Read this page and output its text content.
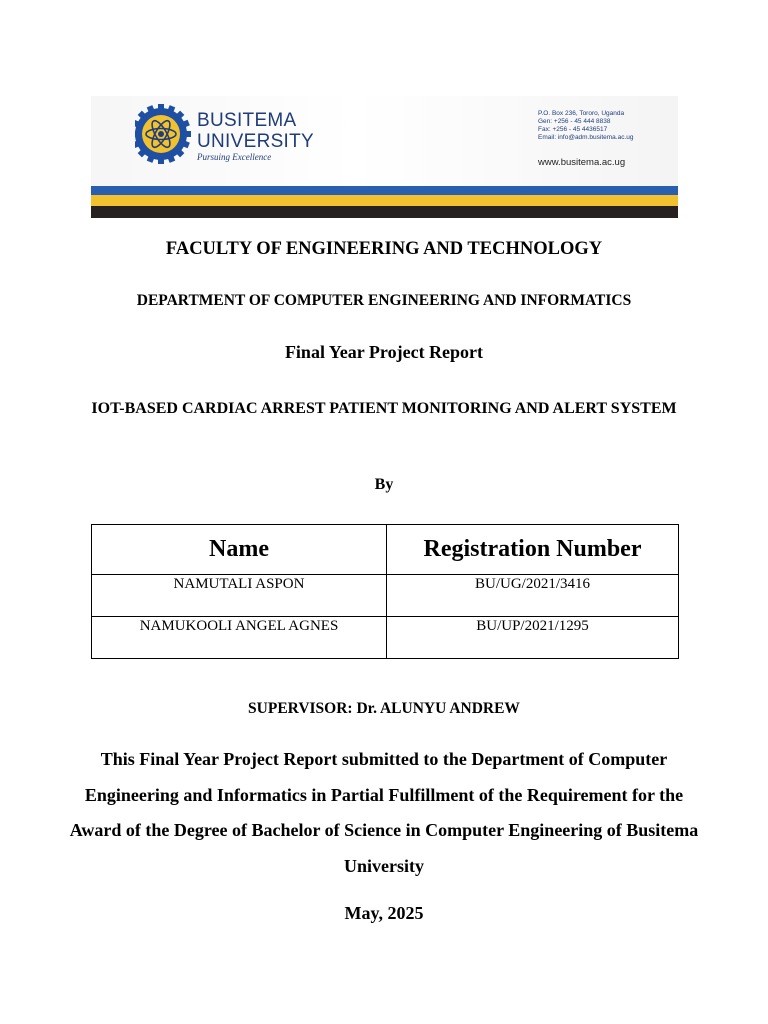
BUSITEMA
UNIVERSITY
Pursuing Excellence
P.O. Box 236, Tororo, Uganda
Gen: +256 - 45 444 8838
Fax: +256 - 45 4436517
Email: info@adm.busitema.ac.ug
www.busitema.ac.ug
FACULTY OF ENGINEERING AND TECHNOLOGY
DEPARTMENT OF COMPUTER ENGINEERING AND INFORMATICS
Final Year Project Report
IOT-BASED CARDIAC ARREST PATIENT MONITORING AND ALERT SYSTEM
By
Name	Registration Number
NAMUTALI ASPON	BU/UG/2021/3416
NAMUKOOLI ANGEL AGNES	BU/UP/2021/1295
SUPERVISOR: Dr. ALUNYU ANDREW
This Final Year Project Report submitted to the Department of Computer Engineering and Informatics in Partial Fulfillment of the Requirement for the Award of the Degree of Bachelor of Science in Computer Engineering of Busitema University
May, 2025
